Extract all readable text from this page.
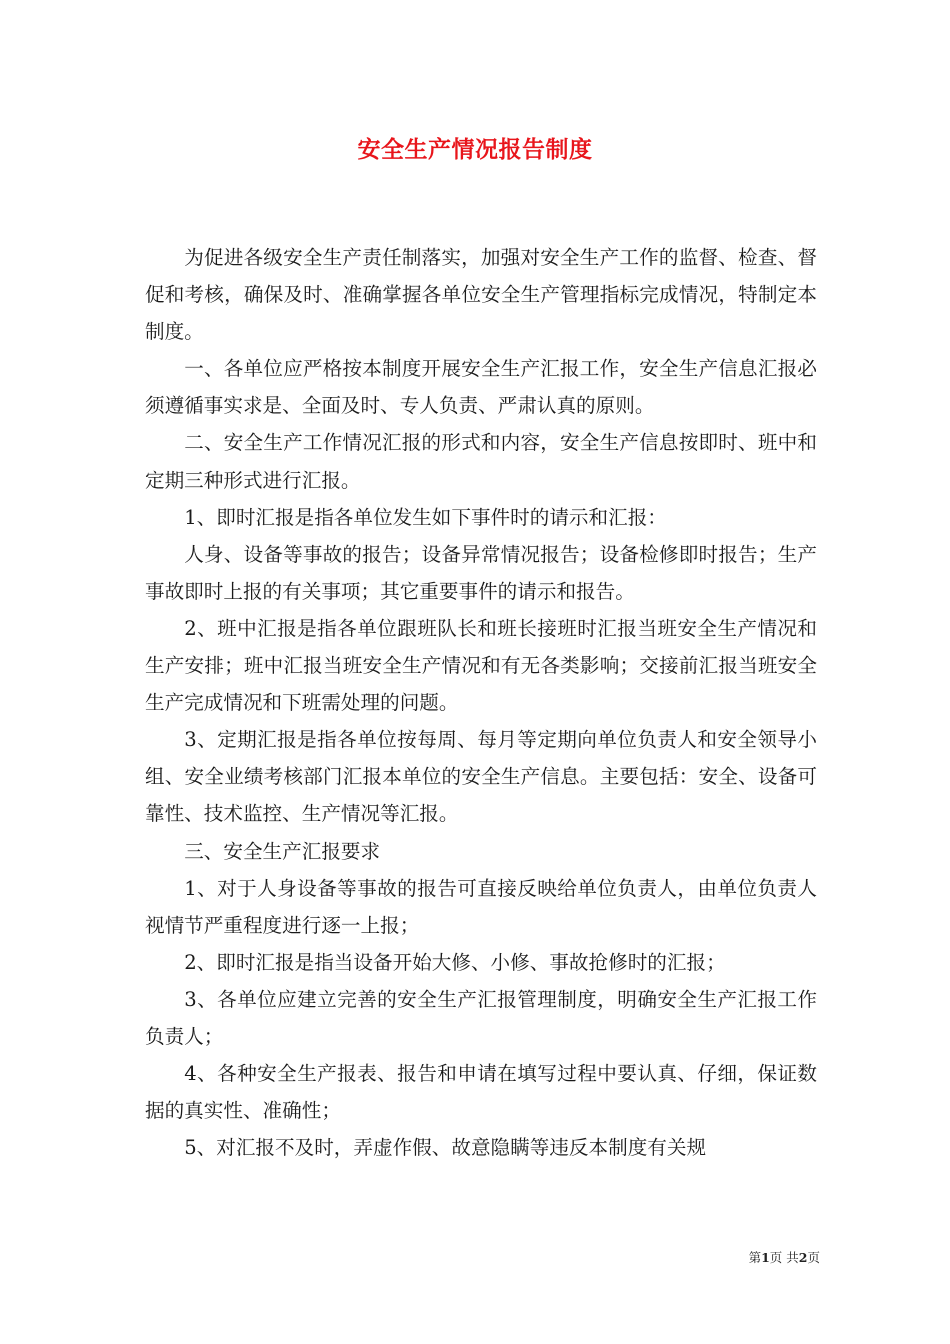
安全生产情况报告制度

为促进各级安全生产责任制落实，加强对安全生产工作的监督、检查、督促和考核，确保及时、准确掌握各单位安全生产管理指标完成情况，特制定本制度。

一、各单位应严格按本制度开展安全生产汇报工作，安全生产信息汇报必须遵循事实求是、全面及时、专人负责、严肃认真的原则。

二、安全生产工作情况汇报的形式和内容，安全生产信息按即时、班中和定期三种形式进行汇报。

1、即时汇报是指各单位发生如下事件时的请示和汇报：

人身、设备等事故的报告；设备异常情况报告；设备检修即时报告；生产事故即时上报的有关事项；其它重要事件的请示和报告。

2、班中汇报是指各单位跟班队长和班长接班时汇报当班安全生产情况和生产安排；班中汇报当班安全生产情况和有无各类影响；交接前汇报当班安全生产完成情况和下班需处理的问题。

3、定期汇报是指各单位按每周、每月等定期向单位负责人和安全领导小组、安全业绩考核部门汇报本单位的安全生产信息。主要包括：安全、设备可靠性、技术监控、生产情况等汇报。

三、安全生产汇报要求

1、对于人身设备等事故的报告可直接反映给单位负责人，由单位负责人视情节严重程度进行逐一上报；

2、即时汇报是指当设备开始大修、小修、事故抢修时的汇报；

3、各单位应建立完善的安全生产汇报管理制度，明确安全生产汇报工作负责人；

4、各种安全生产报表、报告和申请在填写过程中要认真、仔细，保证数据的真实性、准确性；

5、对汇报不及时，弄虚作假、故意隐瞒等违反本制度有关规

第1页 共2页
